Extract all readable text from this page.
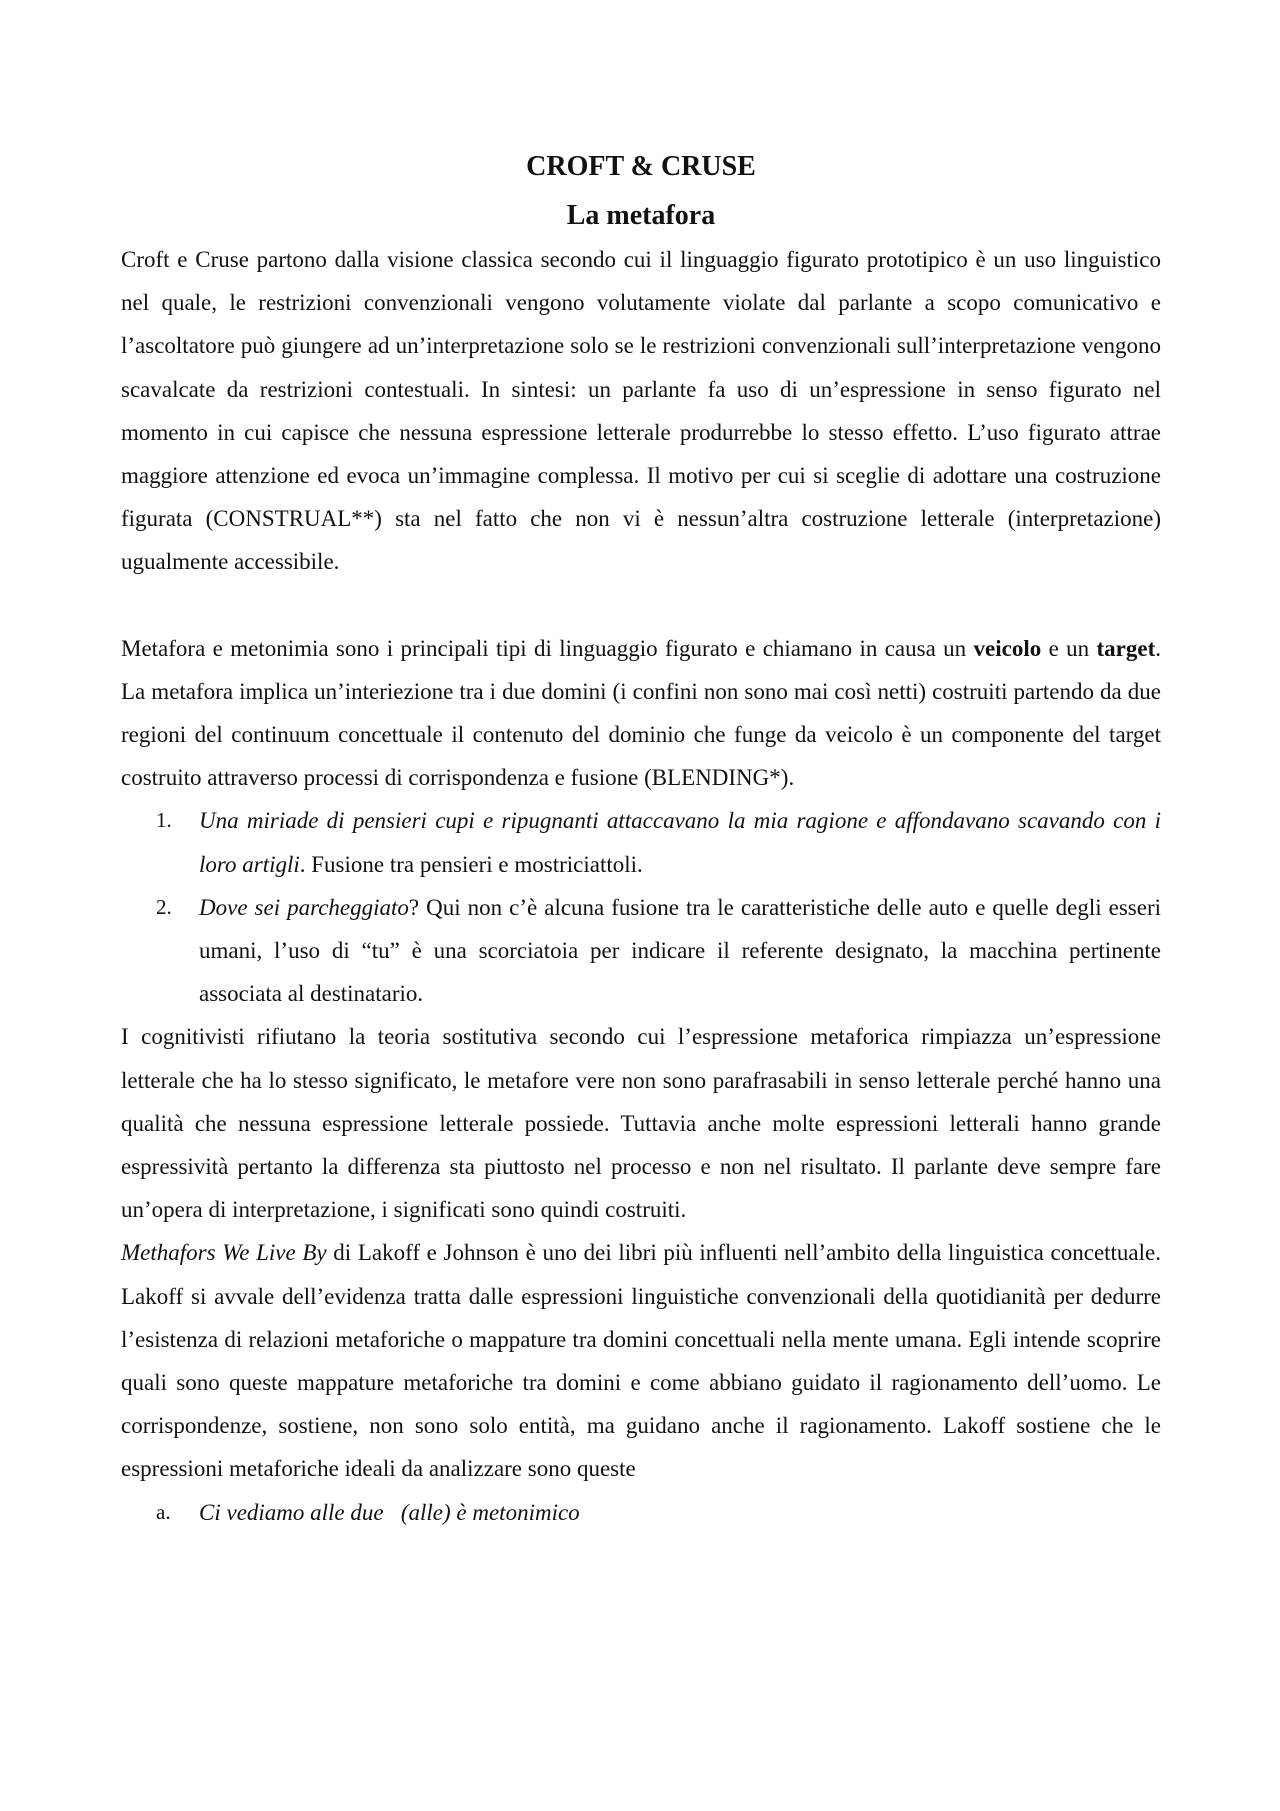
CROFT & CRUSE
La metafora

Croft e Cruse partono dalla visione classica secondo cui il linguaggio figurato prototipico è un uso linguistico nel quale, le restrizioni convenzionali vengono volutamente violate dal parlante a scopo comunicativo e l’ascoltatore può giungere ad un’interpretazione solo se le restrizioni convenzionali sull’interpretazione vengono scavalcate da restrizioni contestuali. In sintesi: un parlante fa uso di un’espressione in senso figurato nel momento in cui capisce che nessuna espressione letterale produrrebbe lo stesso effetto. L’uso figurato attrae maggiore attenzione ed evoca un’immagine complessa. Il motivo per cui si sceglie di adottare una costruzione figurata (CONSTRUAL**) sta nel fatto che non vi è nessun’altra costruzione letterale (interpretazione) ugualmente accessibile.

Metafora e metonimia sono i principali tipi di linguaggio figurato e chiamano in causa un veicolo e un target. La metafora implica un’interiezione tra i due domini (i confini non sono mai così netti) costruiti partendo da due regioni del continuum concettuale il contenuto del dominio che funge da veicolo è un componente del target costruito attraverso processi di corrispondenza e fusione (BLENDING*).

1. Una miriade di pensieri cupi e ripugnanti attaccavano la mia ragione e affondavano scavando con i loro artigli. Fusione tra pensieri e mostriciattoli.
2. Dove sei parcheggiato? Qui non c’è alcuna fusione tra le caratteristiche delle auto e quelle degli esseri umani, l’uso di “tu” è una scorciatoia per indicare il referente designato, la macchina pertinente associata al destinatario.

I cognitivisti rifiutano la teoria sostitutiva secondo cui l’espressione metaforica rimpiazza un’espressione letterale che ha lo stesso significato, le metafore vere non sono parafrasabili in senso letterale perché hanno una qualità che nessuna espressione letterale possiede. Tuttavia anche molte espressioni letterali hanno grande espressività pertanto la differenza sta piuttosto nel processo e non nel risultato. Il parlante deve sempre fare un’opera di interpretazione, i significati sono quindi costruiti.

Methafors We Live By di Lakoff e Johnson è uno dei libri più influenti nell’ambito della linguistica concettuale. Lakoff si avvale dell’evidenza tratta dalle espressioni linguistiche convenzionali della quotidianità per dedurre l’esistenza di relazioni metaforiche o mappature tra domini concettuali nella mente umana. Egli intende scoprire quali sono queste mappature metaforiche tra domini e come abbiano guidato il ragionamento dell’uomo. Le corrispondenze, sostiene, non sono solo entità, ma guidano anche il ragionamento. Lakoff sostiene che le espressioni metaforiche ideali da analizzare sono queste

a. Ci vediamo alle due   (alle) è metonimico
